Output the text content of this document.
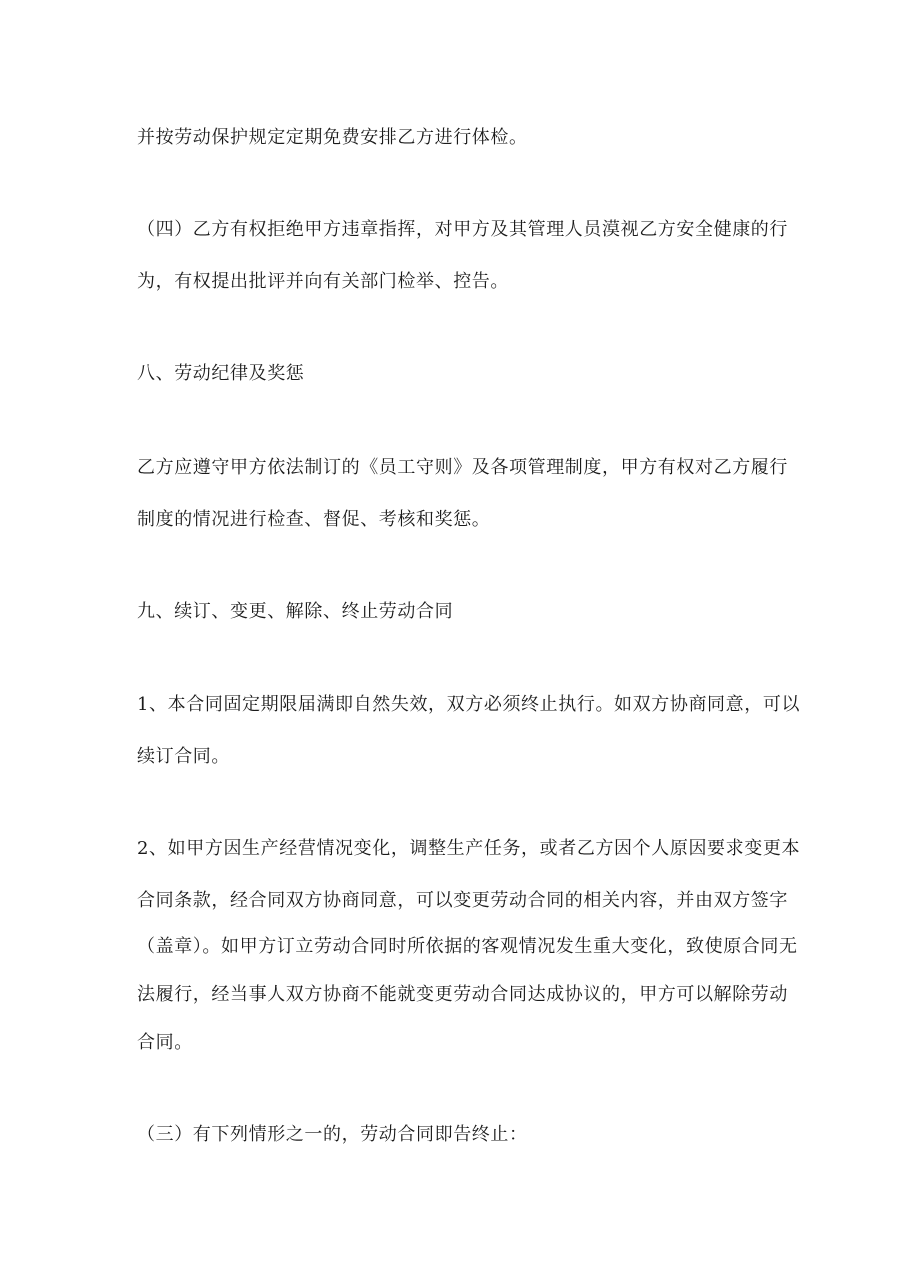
并按劳动保护规定定期免费安排乙方进行体检。
（四）乙方有权拒绝甲方违章指挥，对甲方及其管理人员漠视乙方安全健康的行
为，有权提出批评并向有关部门检举、控告。
八、劳动纪律及奖惩
乙方应遵守甲方依法制订的《员工守则》及各项管理制度，甲方有权对乙方履行
制度的情况进行检查、督促、考核和奖惩。
九、续订、变更、解除、终止劳动合同
1、本合同固定期限届满即自然失效，双方必须终止执行。如双方协商同意，可以
续订合同。
2、如甲方因生产经营情况变化，调整生产任务，或者乙方因个人原因要求变更本
合同条款，经合同双方协商同意，可以变更劳动合同的相关内容，并由双方签字
（盖章）。如甲方订立劳动合同时所依据的客观情况发生重大变化，致使原合同无
法履行，经当事人双方协商不能就变更劳动合同达成协议的，甲方可以解除劳动
合同。
（三）有下列情形之一的，劳动合同即告终止：
